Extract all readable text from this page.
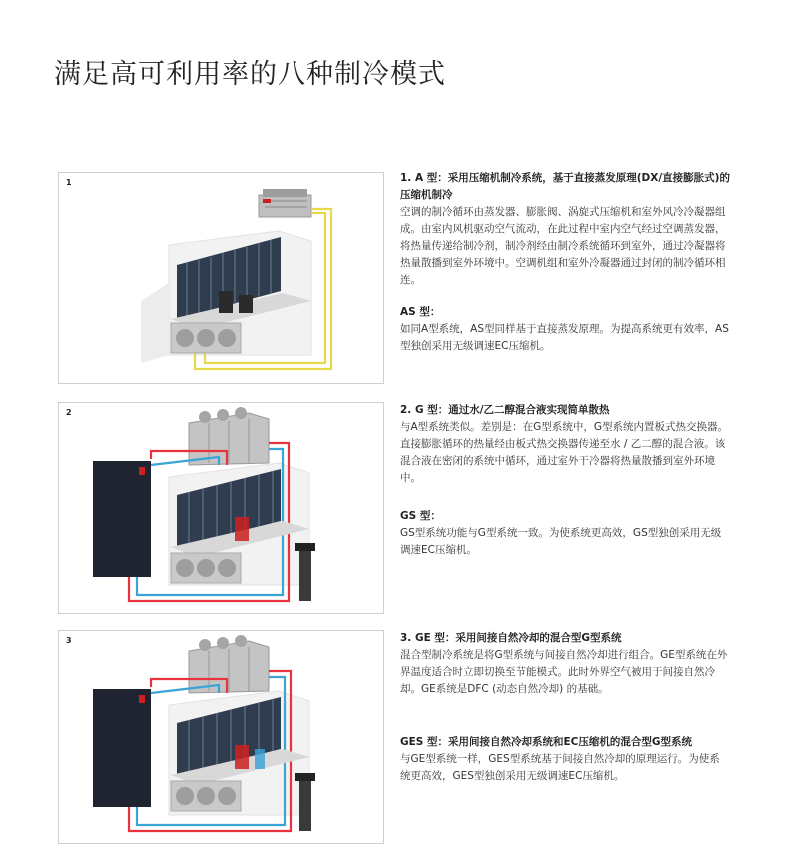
满足高可利用率的八种制冷模式
1
2
3

1. A 型：采用压缩机制冷系统，基于直接蒸发原理(DX/直接膨胀式)的压缩机制冷

空调的制冷循环由蒸发器、膨胀阀、涡旋式压缩机和室外风冷冷凝器组成。由室内风机驱动空气流动，在此过程中室内空气经过空调蒸发器，将热量传递给制冷剂，制冷剂经由制冷系统循环到室外，通过冷凝器将热量散播到室外环境中。空调机组和室外冷凝器通过封闭的制冷循环相连。

AS 型：

如同A型系统，AS型同样基于直接蒸发原理。为提高系统更有效率，AS 型独创采用无级调速EC压缩机。

2. G 型：通过水/乙二醇混合液实现简单散热

与A型系统类似。差别是：在G型系统中，G型系统内置板式热交换器。直接膨胀循环的热量经由板式热交换器传递至水 / 乙二醇的混合液。该混合液在密闭的系统中循环，通过室外干冷器将热量散播到室外环境中。

GS 型：

GS型系统功能与G型系统一致。为使系统更高效，GS型独创采用无级调速EC压缩机。

3. GE 型：采用间接自然冷却的混合型G型系统

混合型制冷系统是将G型系统与间接自然冷却进行组合。GE型系统在外界温度适合时立即切换至节能模式。此时外界空气被用于间接自然冷却。GE系统是DFC (动态自然冷却) 的基础。

GES 型：采用间接自然冷却系统和EC压缩机的混合型G型系统

与GE型系统一样，GES型系统基于间接自然冷却的原理运行。为使系统更高效，GES型独创采用无级调速EC压缩机。
